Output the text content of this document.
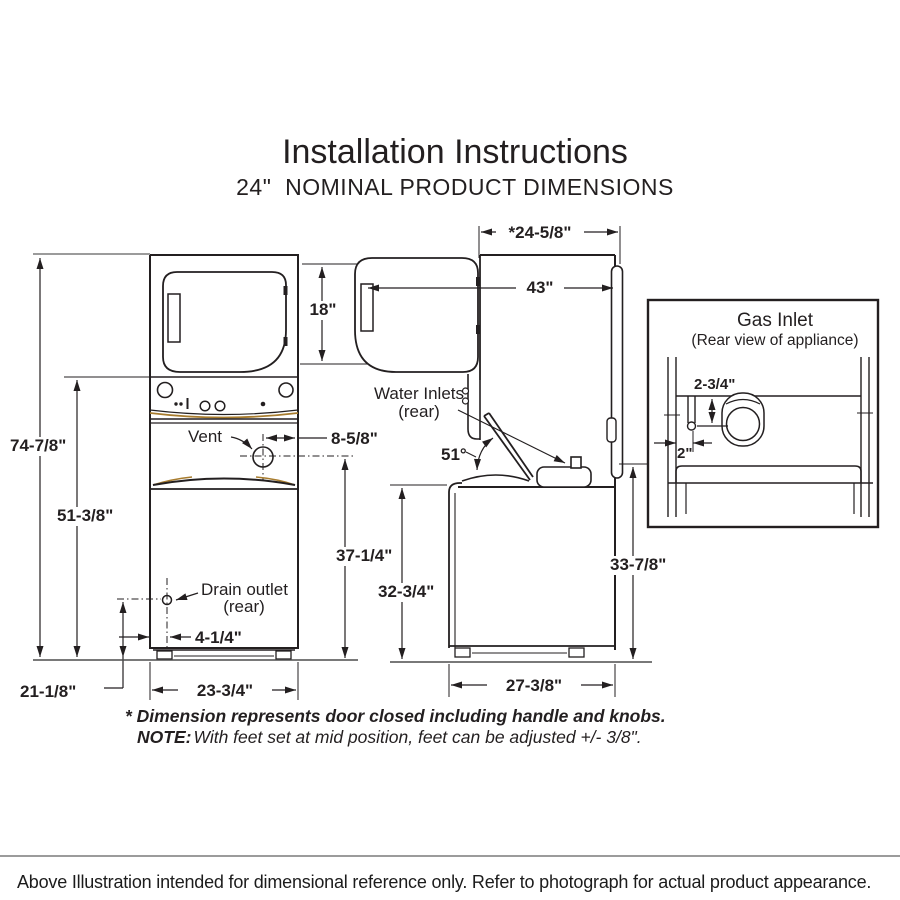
Installation Instructions
24"  NOMINAL PRODUCT DIMENSIONS
74-7/8"
51-3/8"
21-1/8"	23-3/4"
4-1/4"
8-5/8"
37-1/4"
18"
Vent
Drain outlet
(rear)
*24-5/8"
43"
Water Inlets
(rear)
51°
32-3/4"
27-3/8"
33-7/8"
Gas Inlet
(Rear view of appliance)
2-3/4"
2"
* Dimension represents door closed including handle and knobs.
NOTE: With feet set at mid position, feet can be adjusted +/- 3/8".
Above Illustration intended for dimensional reference only. Refer to photograph for actual product appearance.
